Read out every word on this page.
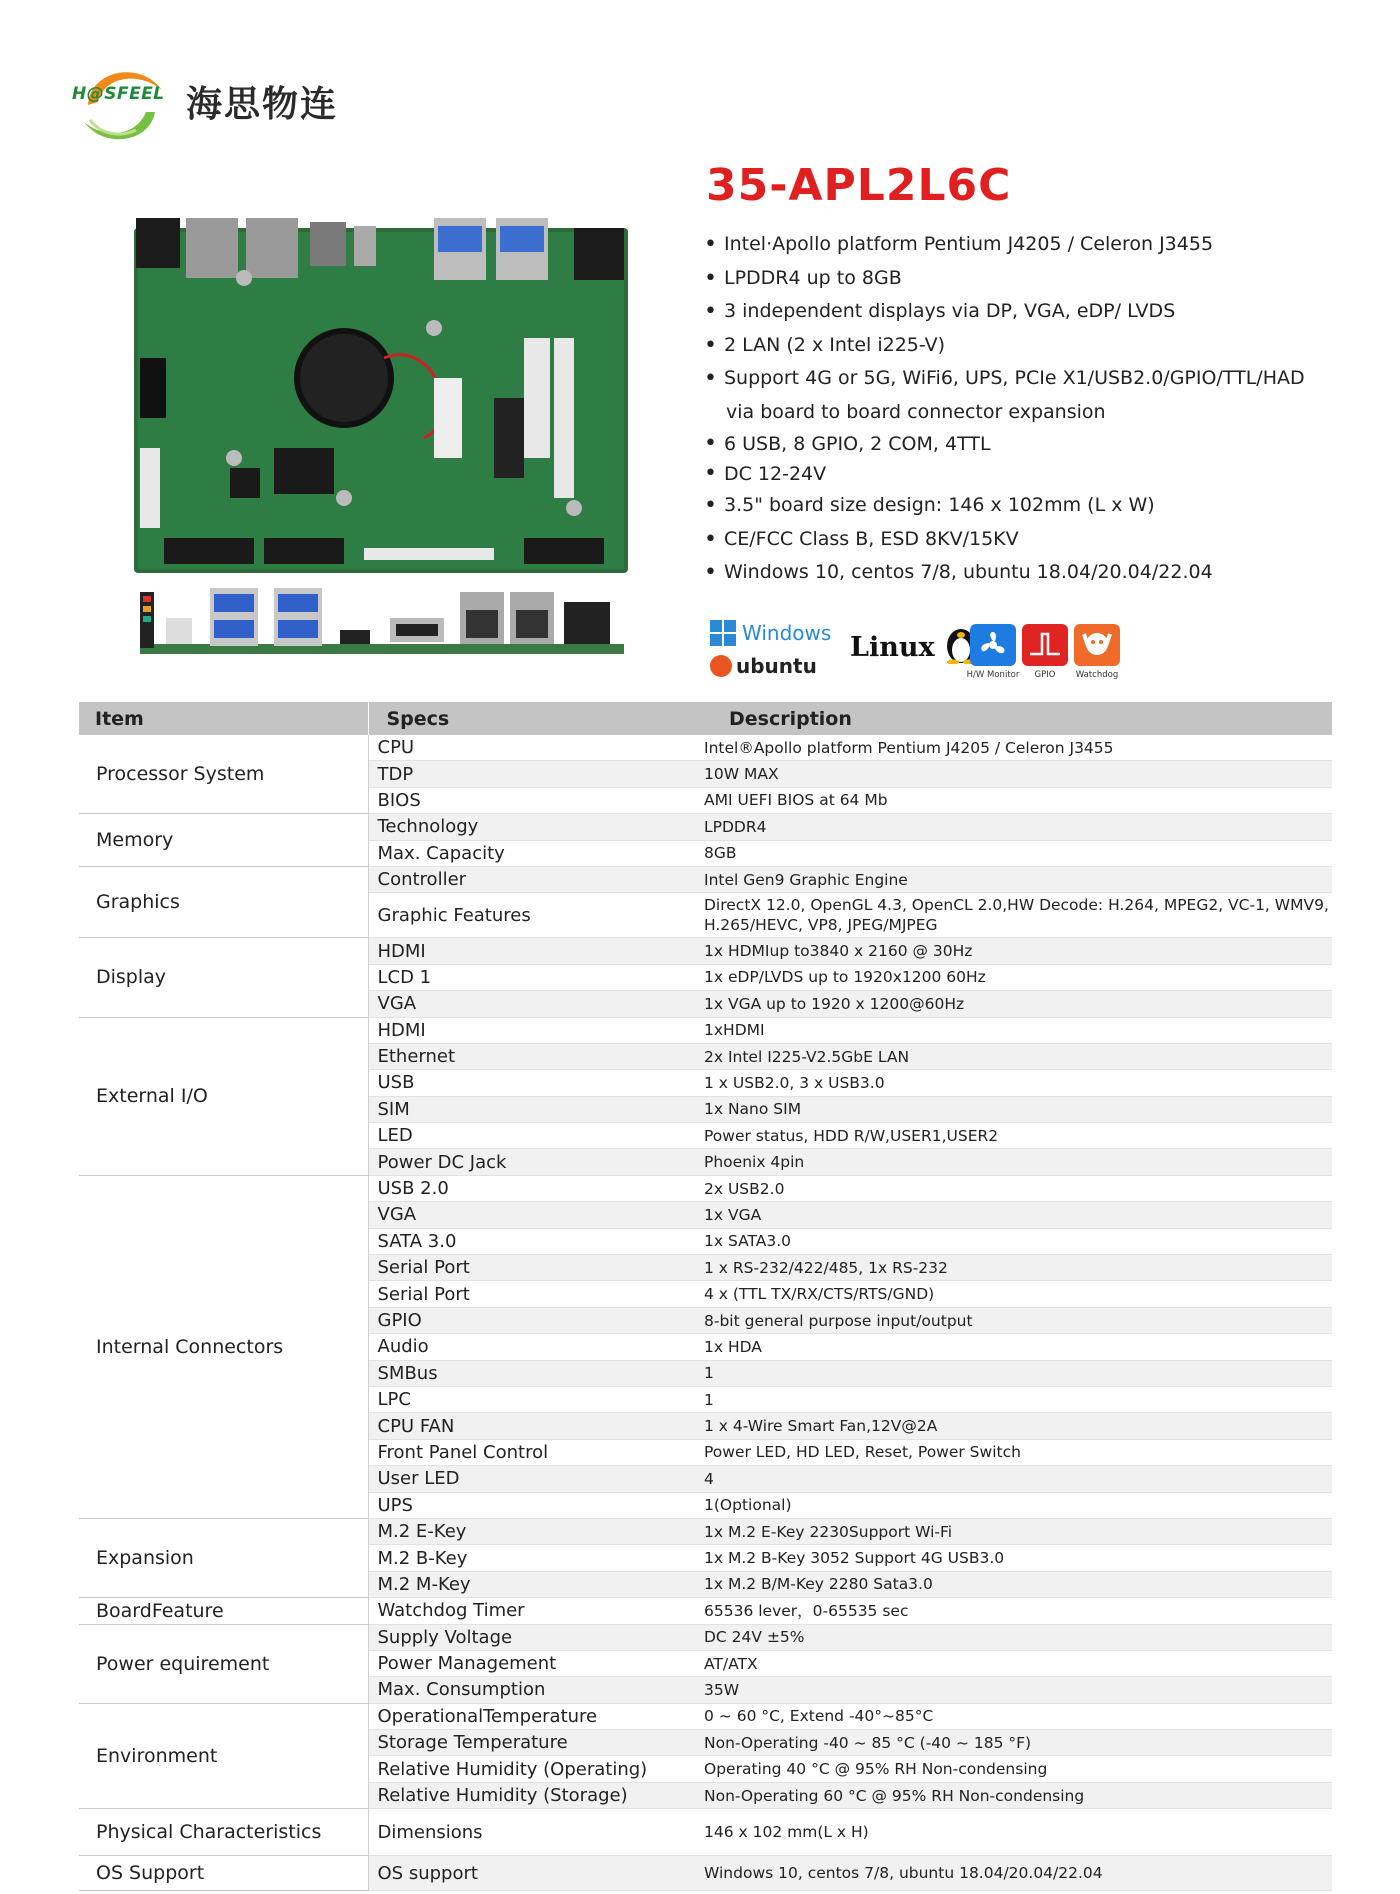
H@SFEEL 海思物连
35-APL2L6C
• Intel·Apollo platform Pentium J4205 / Celeron J3455
• LPDDR4 up to 8GB
• 3 independent displays via DP, VGA, eDP/ LVDS
• 2 LAN (2 x Intel i225-V)
• Support 4G or 5G, WiFi6, UPS, PCIe X1/USB2.0/GPIO/TTL/HAD
via board to board connector expansion
• 6 USB, 8 GPIO, 2 COM, 4TTL
• DC 12-24V
• 3.5" board size design: 146 x 102mm (L x W)
• CE/FCC Class B, ESD 8KV/15KV
• Windows 10, centos 7/8, ubuntu 18.04/20.04/22.04
Windows
ubuntu
Linux
H/W Monitor	GPIO	Watchdog
Item	Specs	Description
Processor System	CPU	Intel®Apollo platform Pentium J4205 / Celeron J3455
	TDP	10W MAX
	BIOS	AMI UEFI BIOS at 64 Mb
Memory	Technology	LPDDR4
	Max. Capacity	8GB
Graphics	Controller	Intel Gen9 Graphic Engine
	Graphic Features	DirectX 12.0, OpenGL 4.3, OpenCL 2.0,HW Decode: H.264, MPEG2, VC-1, WMV9, H.265/HEVC, VP8, JPEG/MJPEG
Display	HDMI	1x HDMIup to3840 x 2160 @ 30Hz
	LCD 1	1x eDP/LVDS up to 1920x1200 60Hz
	VGA	1x VGA up to 1920 x 1200@60Hz
External I/O	HDMI	1xHDMI
	Ethernet	2x Intel I225-V2.5GbE LAN
	USB	1 x USB2.0, 3 x USB3.0
	SIM	1x Nano SIM
	LED	Power status, HDD R/W,USER1,USER2
	Power DC Jack	Phoenix 4pin
Internal Connectors	USB 2.0	2x USB2.0
	VGA	1x VGA
	SATA 3.0	1x SATA3.0
	Serial Port	1 x RS-232/422/485, 1x RS-232
	Serial Port	4 x (TTL TX/RX/CTS/RTS/GND)
	GPIO	8-bit general purpose input/output
	Audio	1x HDA
	SMBus	1
	LPC	1
	CPU FAN	1 x 4-Wire Smart Fan,12V@2A
	Front Panel Control	Power LED, HD LED, Reset, Power Switch
	User LED	4
	UPS	1(Optional)
Expansion	M.2 E-Key	1x M.2 E-Key 2230Support Wi-Fi
	M.2 B-Key	1x M.2 B-Key 3052 Support 4G USB3.0
	M.2 M-Key	1x M.2 B/M-Key 2280 Sata3.0
BoardFeature	Watchdog Timer	65536 lever，0-65535 sec
Power equirement	Supply Voltage	DC 24V ±5%
	Power Management	AT/ATX
	Max. Consumption	35W
Environment	OperationalTemperature	0 ~ 60 °C, Extend -40°~85°C
	Storage Temperature	Non-Operating -40 ~ 85 °C (-40 ~ 185 °F)
	Relative Humidity (Operating)	Operating 40 °C @ 95% RH Non-condensing
	Relative Humidity (Storage)	Non-Operating 60 °C @ 95% RH Non-condensing
Physical Characteristics	Dimensions	146 x 102 mm(L x H)
OS Support	OS support	Windows 10, centos 7/8, ubuntu 18.04/20.04/22.04
